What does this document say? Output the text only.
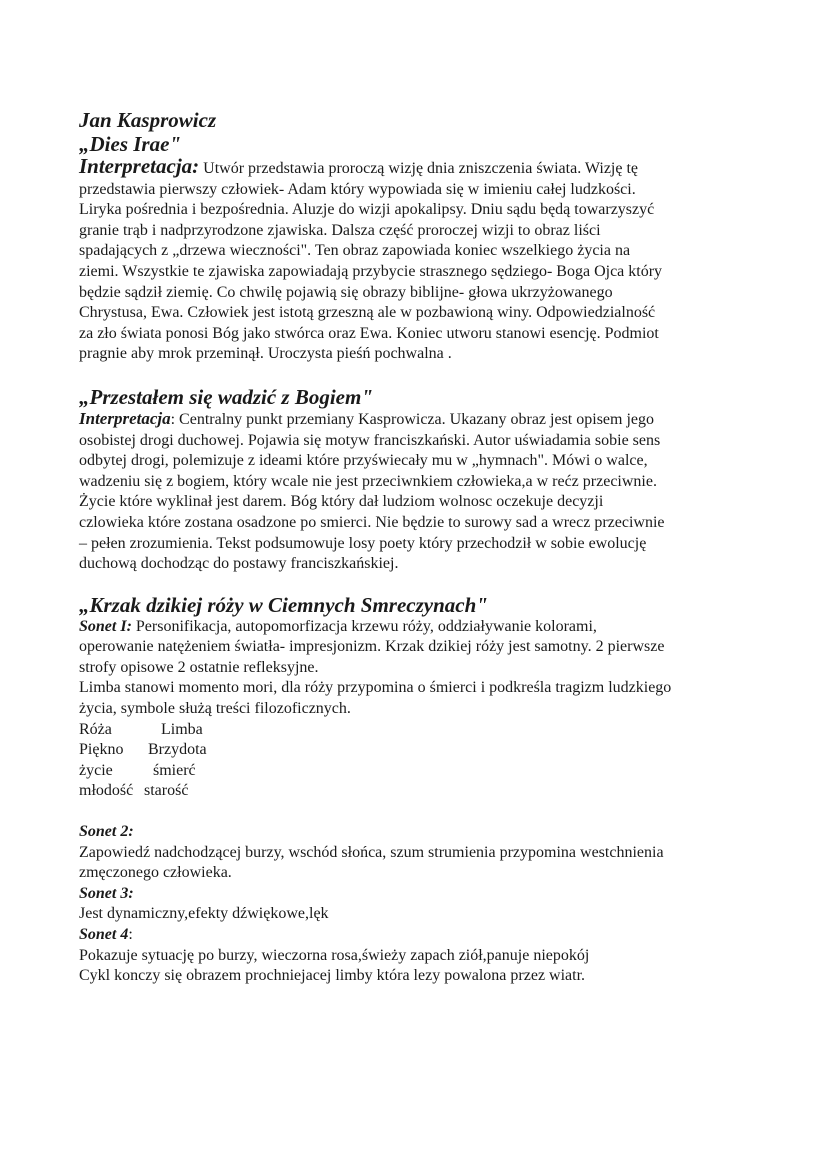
Jan Kasprowicz

„Dies Irae"

Interpretacja: Utwór przedstawia proroczą wizję dnia zniszczenia świata. Wizję tę
przedstawia pierwszy człowiek- Adam który wypowiada się w imieniu całej ludzkości.
Liryka pośrednia i bezpośrednia. Aluzje do wizji apokalipsy. Dniu sądu będą towarzyszyć
granie trąb i nadprzyrodzone zjawiska. Dalsza część proroczej wizji to obraz liści
spadających z „drzewa wieczności". Ten obraz zapowiada koniec wszelkiego życia na
ziemi. Wszystkie te zjawiska zapowiadają przybycie strasznego sędziego- Boga Ojca który
będzie sądził ziemię. Co chwilę pojawią się obrazy biblijne- głowa ukrzyżowanego
Chrystusa, Ewa. Człowiek jest istotą grzeszną ale w pozbawioną winy. Odpowiedzialność
za zło świata ponosi Bóg jako stwórca oraz Ewa. Koniec utworu stanowi esencję. Podmiot
pragnie aby mrok przeminął. Uroczysta pieśń pochwalna .

„Przestałem się wadzić z Bogiem"

Interpretacja: Centralny punkt przemiany Kasprowicza. Ukazany obraz jest opisem jego
osobistej drogi duchowej. Pojawia się motyw franciszkański. Autor uświadamia sobie sens
odbytej drogi, polemizuje z ideami które przyświecały mu w „hymnach". Mówi o walce,
wadzeniu się z bogiem, który wcale nie jest przeciwnkiem człowieka,a w rećz przeciwnie.
Życie które wyklinał jest darem. Bóg który dał ludziom wolnosc oczekuje decyzji
czlowieka które zostana osadzone po smierci. Nie będzie to surowy sad a wrecz przeciwnie
– pełen zrozumienia. Tekst podsumowuje losy poety który przechodził w sobie ewolucję
duchową dochodząc do postawy franciszkańskiej.

„Krzak dzikiej róży w Ciemnych Smreczynach"

Sonet I: Personifikacja, autopomorfizacja krzewu róży, oddziaływanie kolorami,
operowanie natężeniem światła- impresjonizm. Krzak dzikiej róży jest samotny. 2 pierwsze
strofy opisowe 2 ostatnie refleksyjne.
Limba stanowi momento mori, dla róży przypomina o śmierci i podkreśla tragizm ludzkiego
życia, symbole służą treści filozoficznych.

Róża	Limba
Piękno	Brzydota
życie	śmierć
młodość starość

Sonet 2:

Zapowiedź nadchodzącej burzy, wschód słońca, szum strumienia przypomina westchnienia
zmęczonego człowieka.

Sonet 3:

Jest dynamiczny,efekty dźwiękowe,lęk

Sonet 4:

Pokazuje sytuację po burzy, wieczorna rosa,świeży zapach ziół,panuje niepokój
Cykl konczy się obrazem prochniejacej limby która lezy powalona przez wiatr.
